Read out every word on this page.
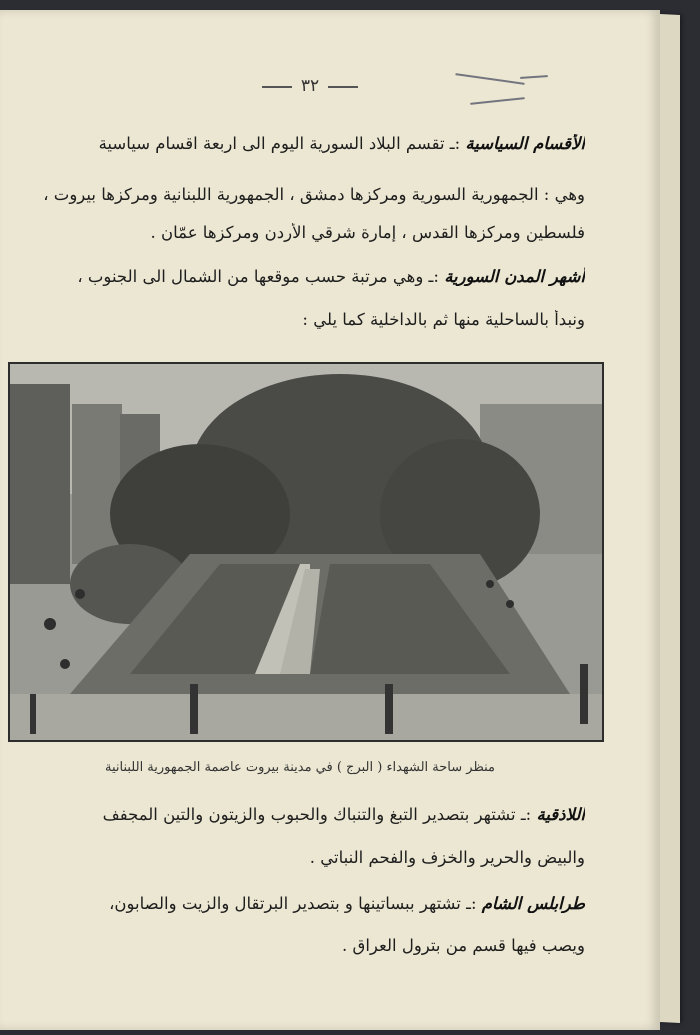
٣٢
الأقسام السياسية :ـ تقسم البلاد السورية اليوم الى اربعة اقسام سياسية
وهي : الجمهورية السورية ومركزها دمشق ، الجمهورية اللبنانية ومركزها بيروت ،
فلسطين ومركزها القدس ، إمارة شرقي الأردن ومركزها عمّان .
أشهر المدن السورية :ـ وهي مرتبة حسب موقعها من الشمال الى الجنوب ،
ونبدأ بالساحلية منها ثم بالداخلية كما يلي :
منظر ساحة الشهداء ( البرج ) في مدينة بيروت عاصمة الجمهورية اللبنانية
اللاذقية :ـ تشتهر بتصدير التبغ والتنباك والحبوب والزيتون والتين المجفف
والبيض والحرير والخزف والفحم النباتي .
طرابلس الشام :ـ تشتهر ببساتينها و بتصدير البرتقال والزيت والصابون،
ويصب فيها قسم من بترول العراق .
